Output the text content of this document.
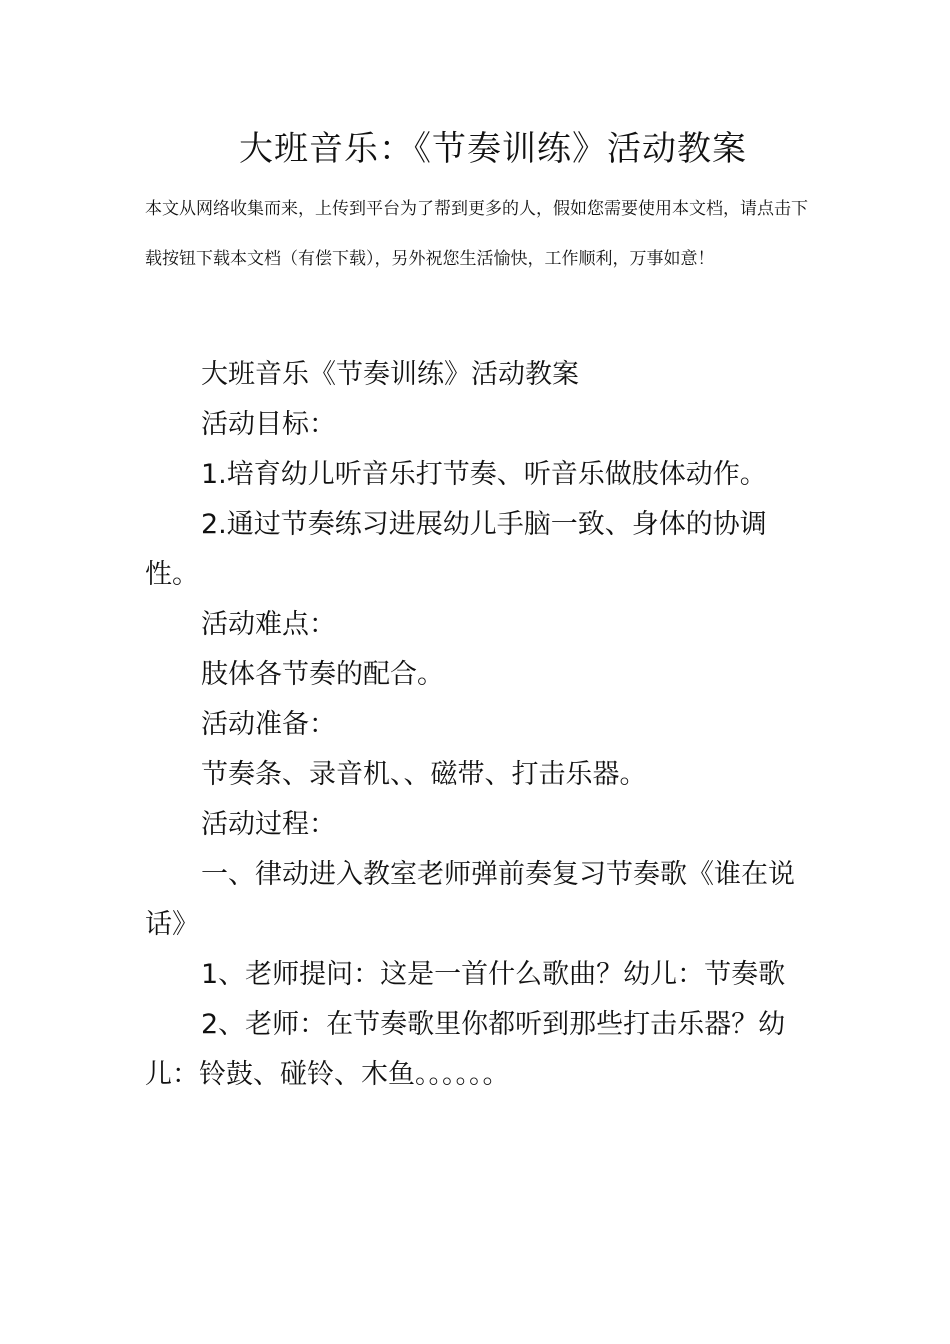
大班音乐：《节奏训练》活动教案

本文从网络收集而来，上传到平台为了帮到更多的人，假如您需要使用本文档，请点击下载按钮下载本文档（有偿下载），另外祝您生活愉快，工作顺利，万事如意！

大班音乐《节奏训练》活动教案

活动目标：

1.培育幼儿听音乐打节奏、听音乐做肢体动作。

2.通过节奏练习进展幼儿手脑一致、身体的协调性。

活动难点：

肢体各节奏的配合。

活动准备：

节奏条、录音机、、磁带、打击乐器。

活动过程：

一、律动进入教室老师弹前奏复习节奏歌《谁在说话》

1、老师提问：这是一首什么歌曲？幼儿：节奏歌

2、老师：在节奏歌里你都听到那些打击乐器？幼儿：铃鼓、碰铃、木鱼。。。。。。
